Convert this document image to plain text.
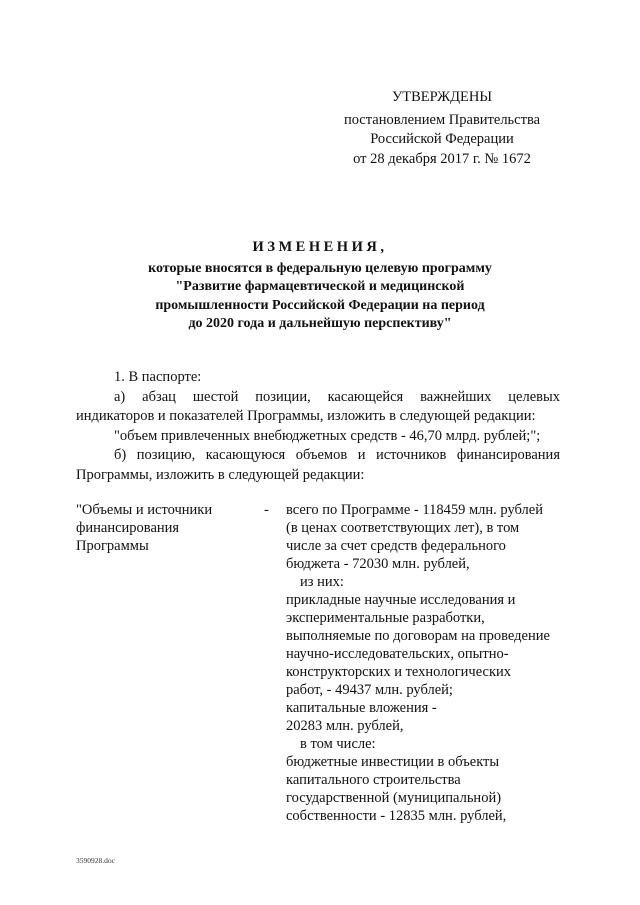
УТВЕРЖДЕНЫ
постановлением Правительства
Российской Федерации
от 28 декабря 2017 г. № 1672
ИЗМЕНЕНИЯ,
которые вносятся в федеральную целевую программу
"Развитие фармацевтической и медицинской
промышленности Российской Федерации на период
до 2020 года и дальнейшую перспективу"

1. В паспорте:

а) абзац шестой позиции, касающейся важнейших целевых

индикаторов и показателей Программы, изложить в следующей редакции:

"объем привлеченных внебюджетных средств - 46,70 млрд. рублей;";

б) позицию, касающуюся объемов и источников финансирования

Программы, изложить в следующей редакции:

"Объемы и источники
финансирования
Программы
- всего по Программе - 118459 млн. рублей
(в ценах соответствующих лет), в том
числе за счет средств федерального
бюджета - 72030 млн. рублей,
из них:
прикладные научные исследования и
экспериментальные разработки,
выполняемые по договорам на проведение
научно-исследовательских, опытно-
конструкторских и технологических
работ, - 49437 млн. рублей;
капитальные вложения -
20283 млн. рублей,
в том числе:
бюджетные инвестиции в объекты
капитального строительства
государственной (муниципальной)
собственности - 12835 млн. рублей,
3590928.doc
